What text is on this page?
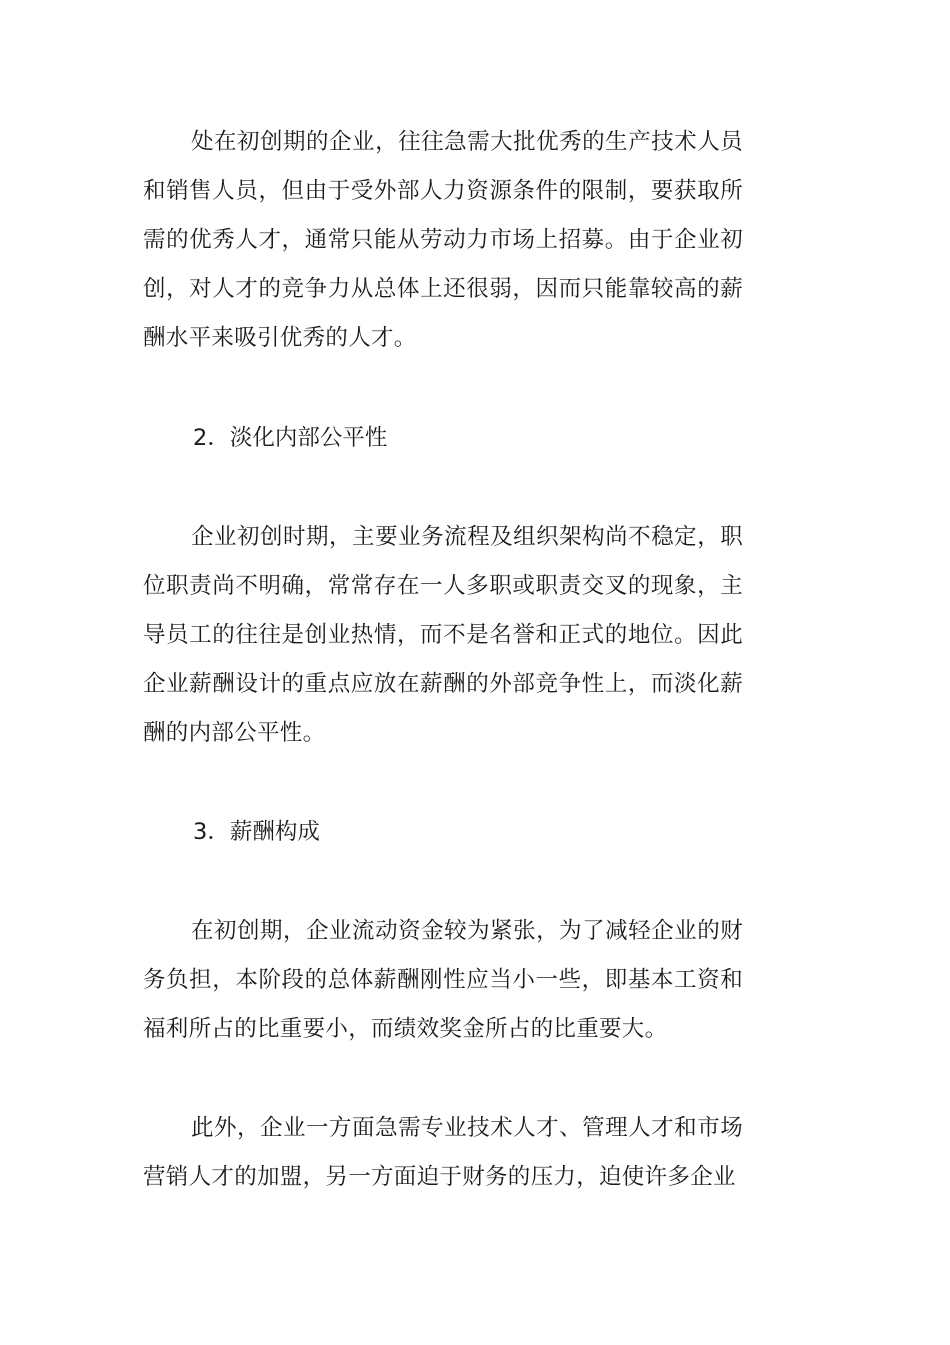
处在初创期的企业，往往急需大批优秀的生产技术人员和销售人员，但由于受外部人力资源条件的限制，要获取所需的优秀人才，通常只能从劳动力市场上招募。由于企业初创，对人才的竞争力从总体上还很弱，因而只能靠较高的薪酬水平来吸引优秀的人才。

2．淡化内部公平性

企业初创时期，主要业务流程及组织架构尚不稳定，职位职责尚不明确，常常存在一人多职或职责交叉的现象，主导员工的往往是创业热情，而不是名誉和正式的地位。因此企业薪酬设计的重点应放在薪酬的外部竞争性上，而淡化薪酬的内部公平性。

3．薪酬构成

在初创期，企业流动资金较为紧张，为了减轻企业的财务负担，本阶段的总体薪酬刚性应当小一些，即基本工资和福利所占的比重要小，而绩效奖金所占的比重要大。

此外，企业一方面急需专业技术人才、管理人才和市场营销人才的加盟，另一方面迫于财务的压力，迫使许多企业
